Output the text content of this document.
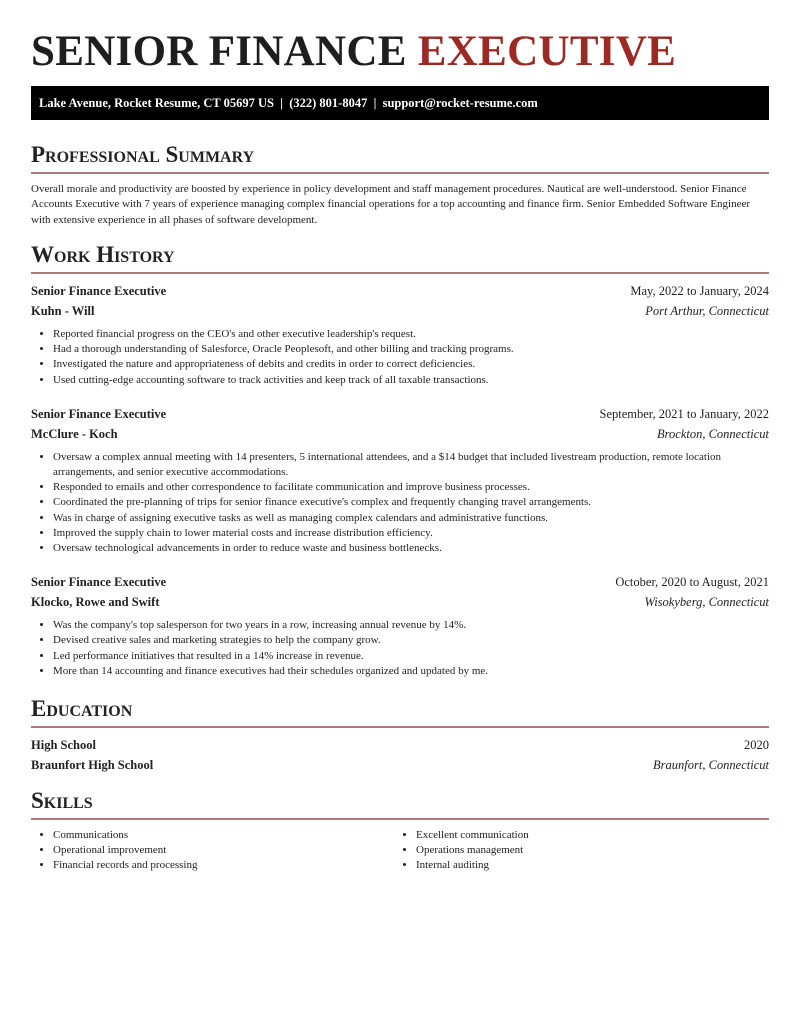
SENIOR FINANCE EXECUTIVE
Lake Avenue, Rocket Resume, CT 05697 US  |  (322) 801-8047  |  support@rocket-resume.com
Professional Summary

Overall morale and productivity are boosted by experience in policy development and staff management procedures. Nautical are well-understood. Senior Finance Accounts Executive with 7 years of experience managing complex financial operations for a top accounting and finance firm. Senior Embedded Software Engineer with extensive experience in all phases of software development.

Work History
Senior Finance Executive	May, 2022 to January, 2024
Kuhn - Will	Port Arthur, Connecticut
• Reported financial progress on the CEO's and other executive leadership's request.
• Had a thorough understanding of Salesforce, Oracle Peoplesoft, and other billing and tracking programs.
• Investigated the nature and appropriateness of debits and credits in order to correct deficiencies.
• Used cutting-edge accounting software to track activities and keep track of all taxable transactions.
Senior Finance Executive	September, 2021 to January, 2022
McClure - Koch	Brockton, Connecticut
• Oversaw a complex annual meeting with 14 presenters, 5 international attendees, and a $14 budget that included livestream production, remote location arrangements, and senior executive accommodations.
• Responded to emails and other correspondence to facilitate communication and improve business processes.
• Coordinated the pre-planning of trips for senior finance executive's complex and frequently changing travel arrangements.
• Was in charge of assigning executive tasks as well as managing complex calendars and administrative functions.
• Improved the supply chain to lower material costs and increase distribution efficiency.
• Oversaw technological advancements in order to reduce waste and business bottlenecks.
Senior Finance Executive	October, 2020 to August, 2021
Klocko, Rowe and Swift	Wisokyberg, Connecticut
• Was the company's top salesperson for two years in a row, increasing annual revenue by 14%.
• Devised creative sales and marketing strategies to help the company grow.
• Led performance initiatives that resulted in a 14% increase in revenue.
• More than 14 accounting and finance executives had their schedules organized and updated by me.
Education
High School	2020
Braunfort High School	Braunfort, Connecticut
Skills
• Communications
• Operational improvement
• Financial records and processing
• Excellent communication
• Operations management
• Internal auditing
